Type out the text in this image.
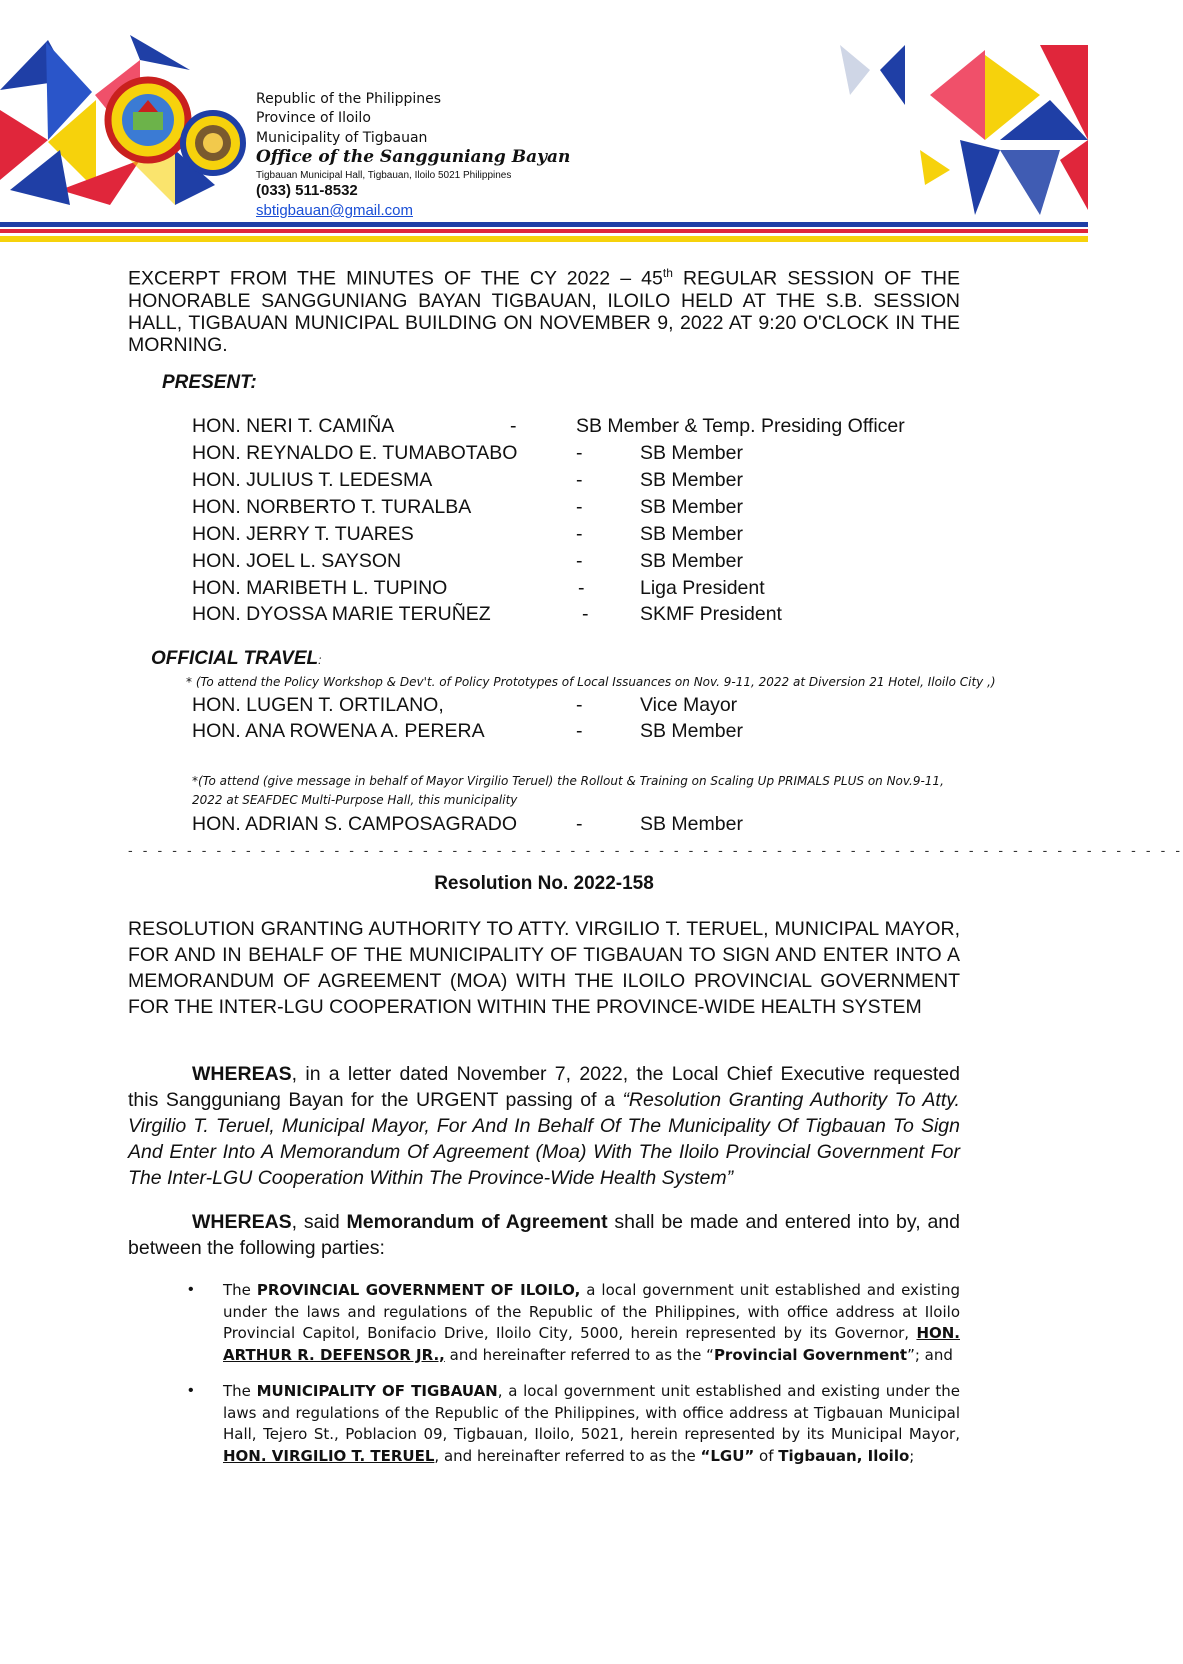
Republic of the Philippines
Province of Iloilo
Municipality of Tigbauan
Office of the Sangguniang Bayan
Tigbauan Municipal Hall, Tigbauan, Iloilo 5021 Philippines
(033) 511-8532
sbtigbauan@gmail.com
EXCERPT FROM THE MINUTES OF THE CY 2022 – 45th REGULAR SESSION OF THE HONORABLE SANGGUNIANG BAYAN TIGBAUAN, ILOILO HELD AT THE S.B. SESSION HALL, TIGBAUAN MUNICIPAL BUILDING ON NOVEMBER 9, 2022 AT 9:20 O'CLOCK IN THE MORNING.
PRESENT:
HON. NERI T. CAMIÑA	-	SB Member & Temp. Presiding Officer
HON. REYNALDO E. TUMABOTABO	-	SB Member
HON. JULIUS T. LEDESMA	-	SB Member
HON. NORBERTO T. TURALBA	-	SB Member
HON. JERRY T. TUARES	-	SB Member
HON. JOEL L. SAYSON	-	SB Member
HON. MARIBETH L. TUPINO	-	Liga President
HON. DYOSSA MARIE TERUÑEZ	-	SKMF President
OFFICIAL TRAVEL:
* (To attend the Policy Workshop & Dev't. of Policy Prototypes of Local Issuances on Nov. 9-11, 2022 at Diversion 21 Hotel, Iloilo City ,)
HON. LUGEN T. ORTILANO,	-	Vice Mayor
HON. ANA ROWENA A. PERERA	-	SB Member
*(To attend (give message in behalf of Mayor Virgilio Teruel) the Rollout & Training on Scaling Up PRIMALS PLUS on Nov.9-11, 2022 at SEAFDEC Multi-Purpose Hall, this municipality
HON. ADRIAN S. CAMPOSAGRADO	-	SB Member
- - - - - - - - - - - - - - - - - - - - - - - - - - - - - - - - - - - - - - - - - - - - - - - - - - - - - - - - - - - - - - - - - - - - - - - -
Resolution No. 2022-158
RESOLUTION GRANTING AUTHORITY TO ATTY. VIRGILIO T. TERUEL, MUNICIPAL MAYOR, FOR AND IN BEHALF OF THE MUNICIPALITY OF TIGBAUAN TO SIGN AND ENTER INTO A MEMORANDUM OF AGREEMENT (MOA) WITH THE ILOILO PROVINCIAL GOVERNMENT FOR THE INTER-LGU COOPERATION WITHIN THE PROVINCE-WIDE HEALTH SYSTEM
WHEREAS, in a letter dated November 7, 2022, the Local Chief Executive requested this Sangguniang Bayan for the URGENT passing of a “Resolution Granting Authority To Atty. Virgilio T. Teruel, Municipal Mayor, For And In Behalf Of The Municipality Of Tigbauan To Sign And Enter Into A Memorandum Of Agreement (Moa) With The Iloilo Provincial Government For The Inter-LGU Cooperation Within The Province-Wide Health System”
WHEREAS, said Memorandum of Agreement shall be made and entered into by, and between the following parties:
• The PROVINCIAL GOVERNMENT OF ILOILO, a local government unit established and existing under the laws and regulations of the Republic of the Philippines, with office address at Iloilo Provincial Capitol, Bonifacio Drive, Iloilo City, 5000, herein represented by its Governor, HON. ARTHUR R. DEFENSOR JR., and hereinafter referred to as the “Provincial Government”; and
• The MUNICIPALITY OF TIGBAUAN, a local government unit established and existing under the laws and regulations of the Republic of the Philippines, with office address at Tigbauan Municipal Hall, Tejero St., Poblacion 09, Tigbauan, Iloilo, 5021, herein represented by its Municipal Mayor, HON. VIRGILIO T. TERUEL, and hereinafter referred to as the “LGU” of Tigbauan, Iloilo;
